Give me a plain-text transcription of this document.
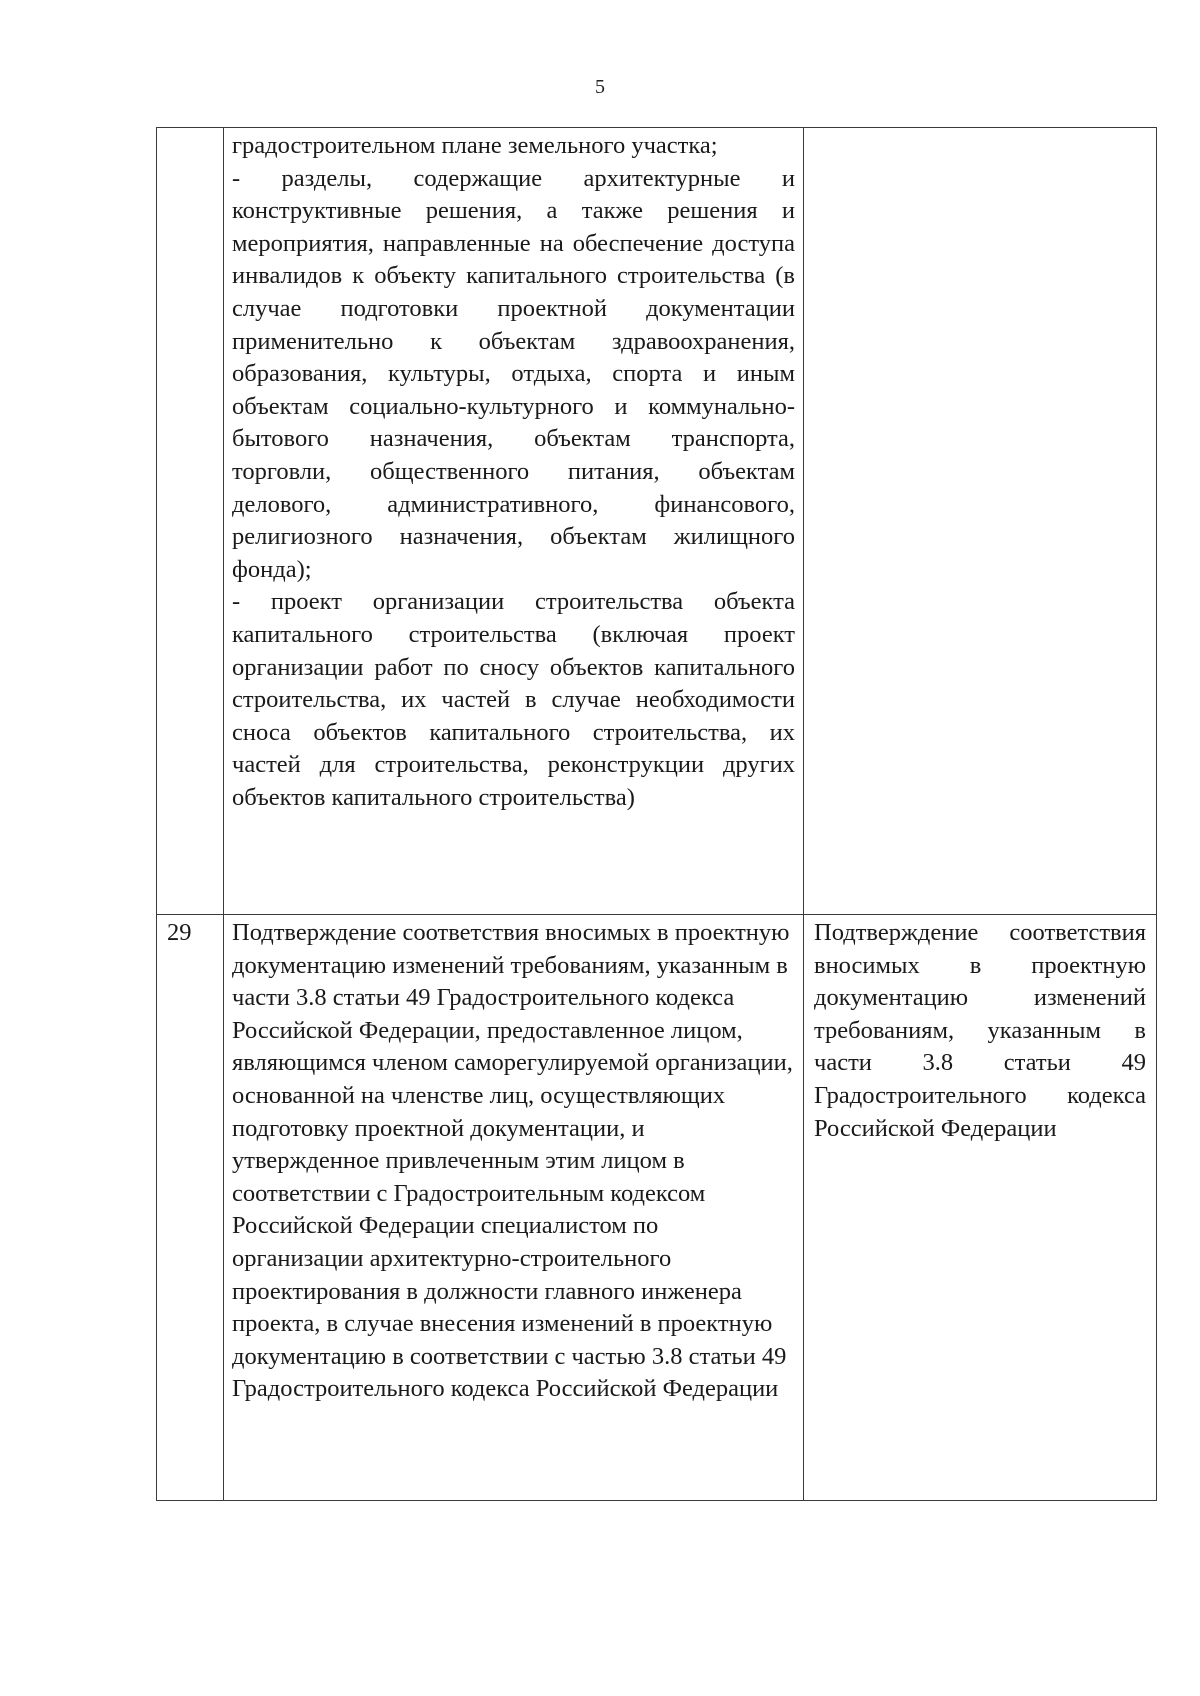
5

	градостроительном плане земельного участка;

- разделы, содержащие архитектурные и конструктивные решения, а также решения и мероприятия, направленные на обеспечение доступа инвалидов к объекту капитального строительства (в случае подготовки проектной документации применительно к объектам здравоохранения, образования, культуры, отдыха, спорта и иным объектам социально-культурного и коммунально-бытового назначения, объектам транспорта, торговли, общественного питания, объектам делового, административного, финансового, религиозного назначения, объектам жилищного фонда);

- проект организации строительства объекта капитального строительства (включая проект организации работ по сносу объектов капитального строительства, их частей в случае необходимости сноса объектов капитального строительства, их частей для строительства, реконструкции других объектов капитального строительства)	

29	Подтверждение соответствия вносимых в проектную документацию изменений требованиям, указанным в части 3.8 статьи 49 Градостроительного кодекса Российской Федерации, предоставленное лицом, являющимся членом саморегулируемой организации, основанной на членстве лиц, осуществляющих подготовку проектной документации, и утвержденное привлеченным этим лицом в соответствии с Градостроительным кодексом Российской Федерации специалистом по организации архитектурно-строительного проектирования в должности главного инженера проекта, в случае внесения изменений в проектную документацию в соответствии с частью 3.8 статьи 49 Градостроительного кодекса Российской Федерации	Подтверждение соответствия вносимых в проектную документацию изменений требованиям, указанным в части 3.8 статьи 49 Градостроительного кодекса Российской Федерации
